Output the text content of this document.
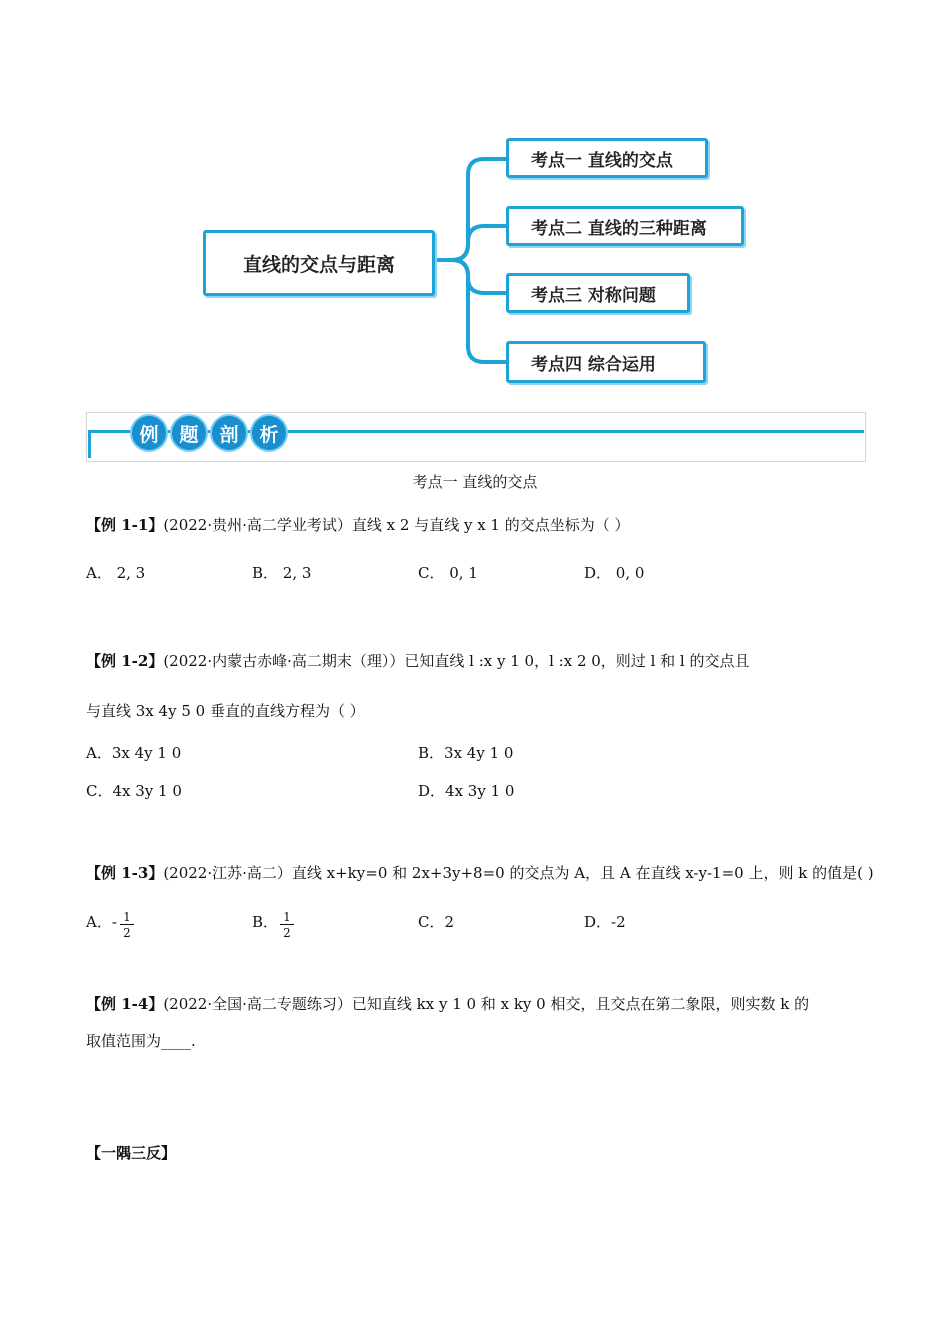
直线的交点与距离
考点一 直线的交点
考点二 直线的三种距离
考点三 对称问题
考点四 综合运用
例	题	剖	析
考点一 直线的交点
【例 1-1】(2022·贵州·高二学业考试）直线 x 2 与直线 y x 1 的交点坐标为（ ）
A． 2, 3	B． 2, 3	C． 0, 1	D． 0, 0
【例 1-2】(2022·内蒙古赤峰·高二期末（理））已知直线 l :x y 1 0，l :x 2 0，则过 l 和 l 的交点且
与直线 3x 4y 5 0 垂直的直线方程为（ ）
A．3x 4y 1 0	B．3x 4y 1 0
C．4x 3y 1 0	D．4x 3y 1 0
【例 1-3】(2022·江苏·高二）直线 x+ky=0 和 2x+3y+8=0 的交点为 A，且 A 在直线 x-y-1=0 上，则 k 的值是( )
A．- 1
2
B． 1
2
C．2	D．-2
【例 1-4】(2022·全国·高二专题练习）已知直线 kx y 1 0 和 x ky 0 相交，且交点在第二象限，则实数 k 的
取值范围为____.
【一隅三反】
